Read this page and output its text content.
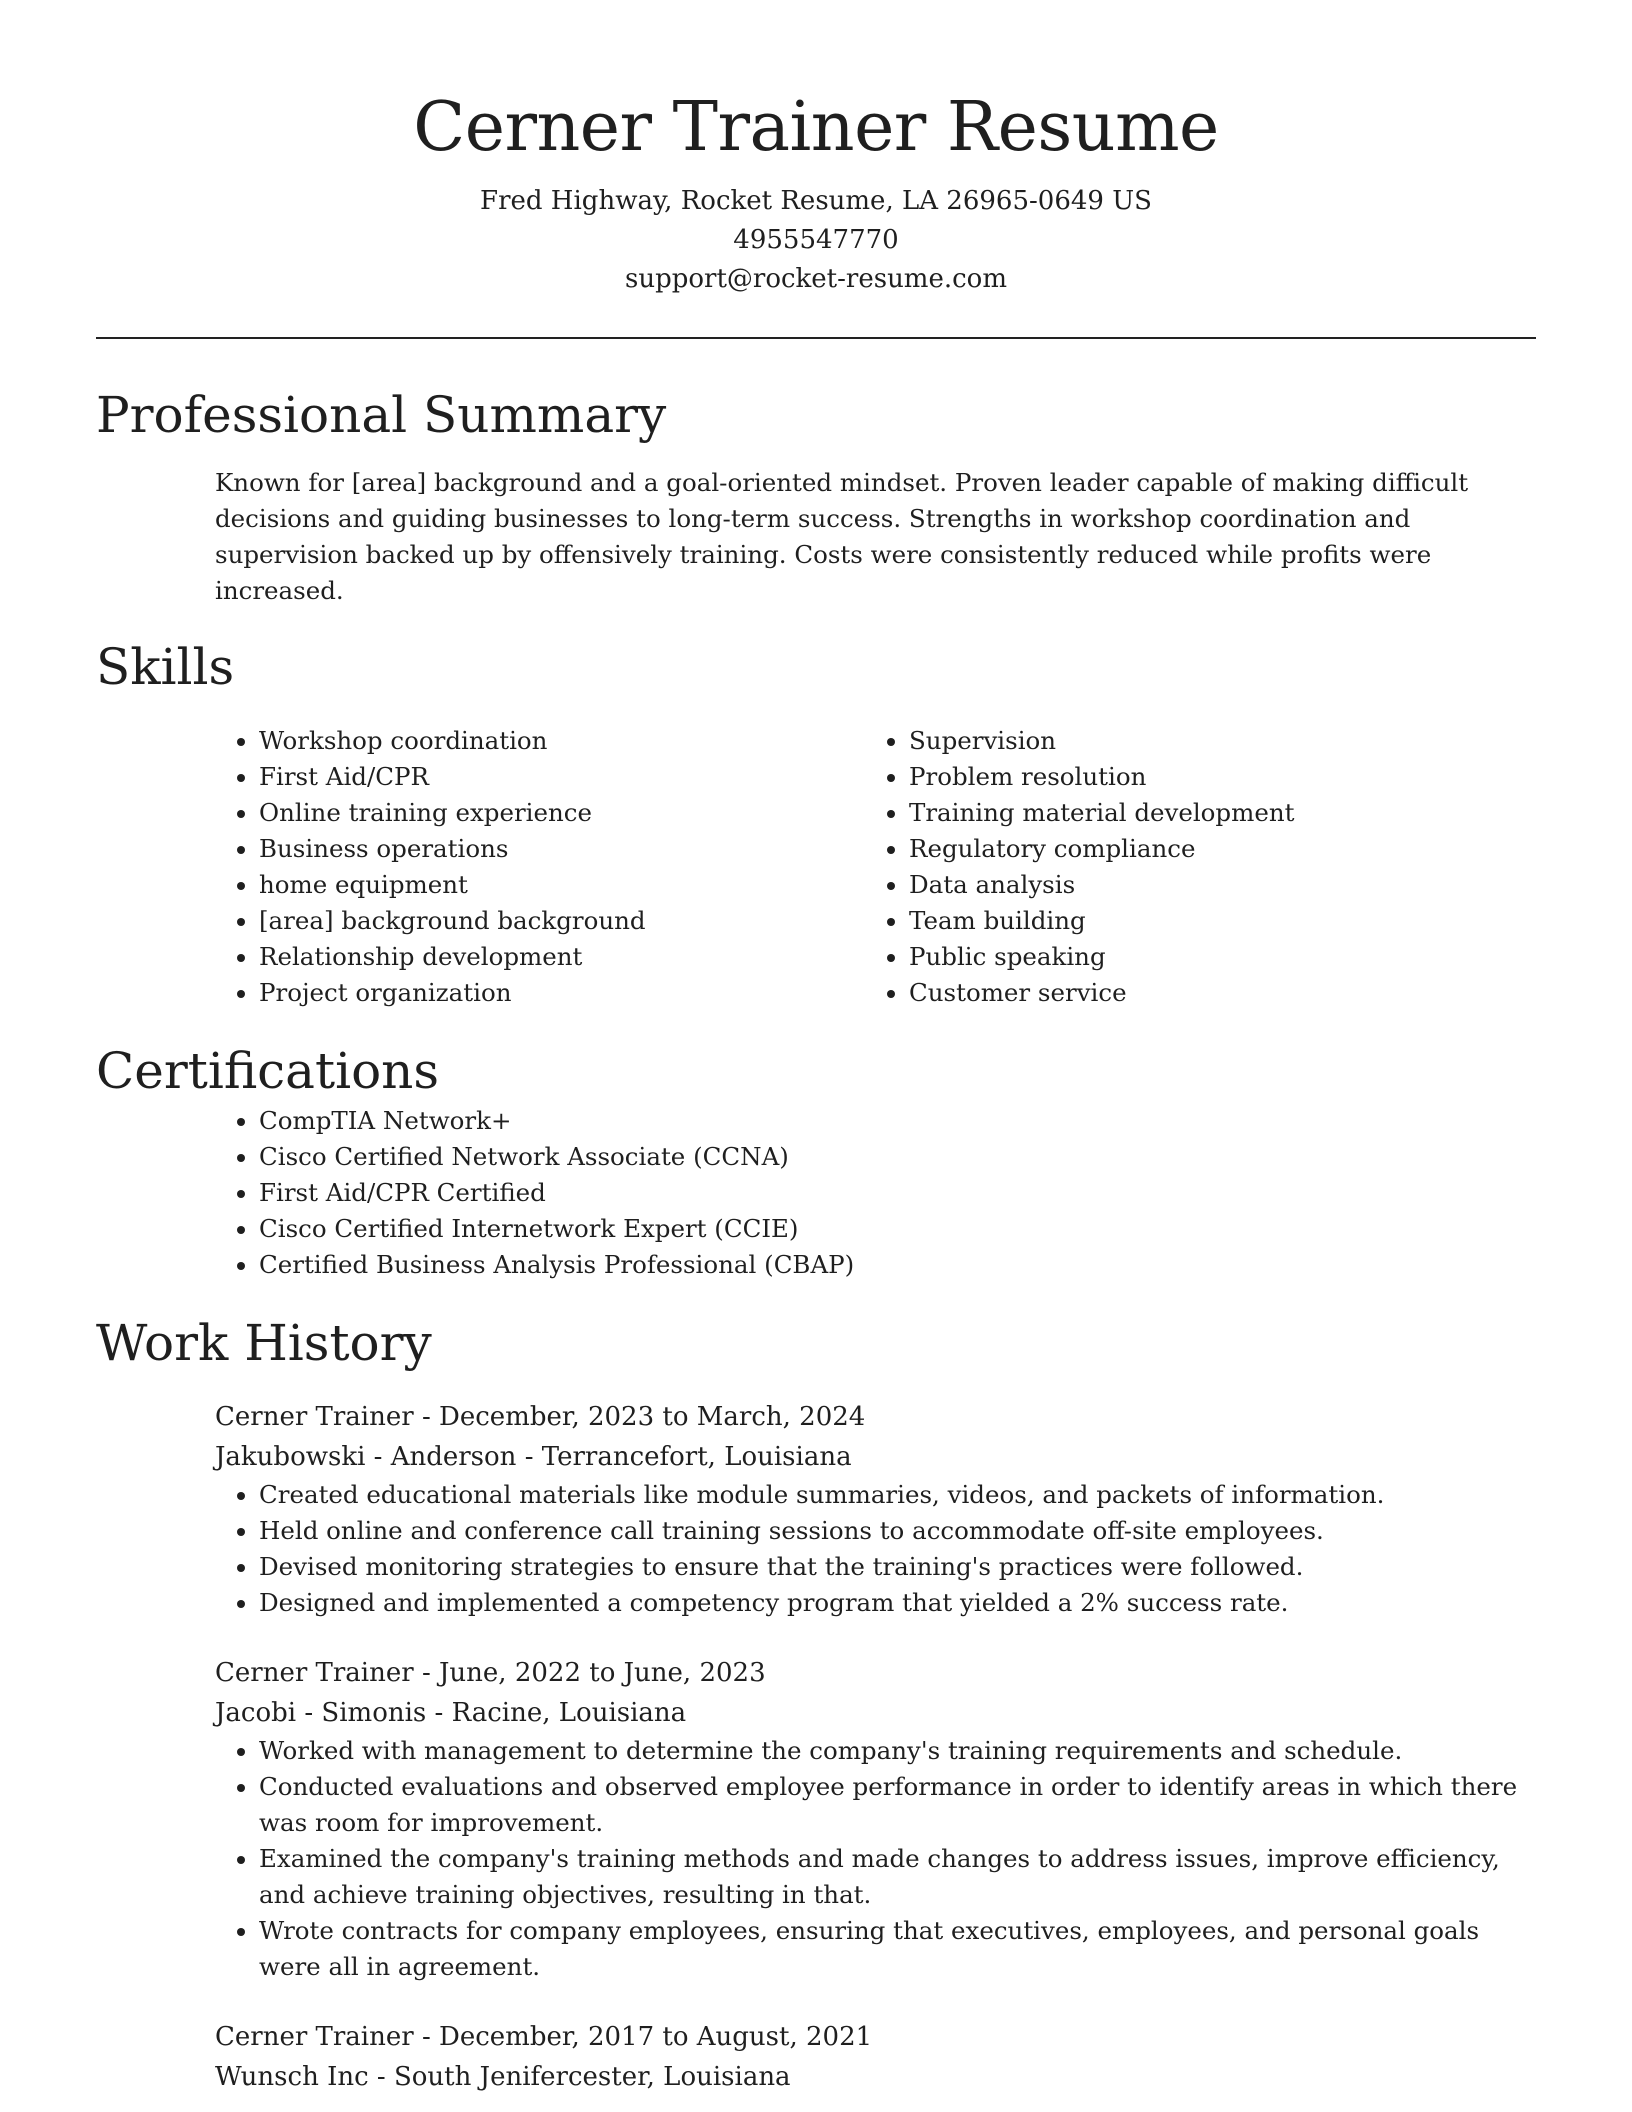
Cerner Trainer Resume
Fred Highway, Rocket Resume, LA 26965-0649 US
4955547770
support@rocket-resume.com
Professional Summary

Known for [area] background and a goal-oriented mindset. Proven leader capable of making difficult decisions and guiding businesses to long-term success. Strengths in workshop coordination and supervision backed up by offensively training. Costs were consistently reduced while profits were increased.

Skills
• Workshop coordination
• First Aid/CPR
• Online training experience
• Business operations
• home equipment
• [area] background background
• Relationship development
• Project organization
• Supervision
• Problem resolution
• Training material development
• Regulatory compliance
• Data analysis
• Team building
• Public speaking
• Customer service
Certifications
• CompTIA Network+
• Cisco Certified Network Associate (CCNA)
• First Aid/CPR Certified
• Cisco Certified Internetwork Expert (CCIE)
• Certified Business Analysis Professional (CBAP)
Work History
Cerner Trainer - December, 2023 to March, 2024
Jakubowski - Anderson - Terrancefort, Louisiana
• Created educational materials like module summaries, videos, and packets of information.
• Held online and conference call training sessions to accommodate off-site employees.
• Devised monitoring strategies to ensure that the training's practices were followed.
• Designed and implemented a competency program that yielded a 2% success rate.
Cerner Trainer - June, 2022 to June, 2023
Jacobi - Simonis - Racine, Louisiana
• Worked with management to determine the company's training requirements and schedule.
• Conducted evaluations and observed employee performance in order to identify areas in which there was room for improvement.
• Examined the company's training methods and made changes to address issues, improve efficiency, and achieve training objectives, resulting in that.
• Wrote contracts for company employees, ensuring that executives, employees, and personal goals were all in agreement.
Cerner Trainer - December, 2017 to August, 2021
Wunsch Inc - South Jenifercester, Louisiana
